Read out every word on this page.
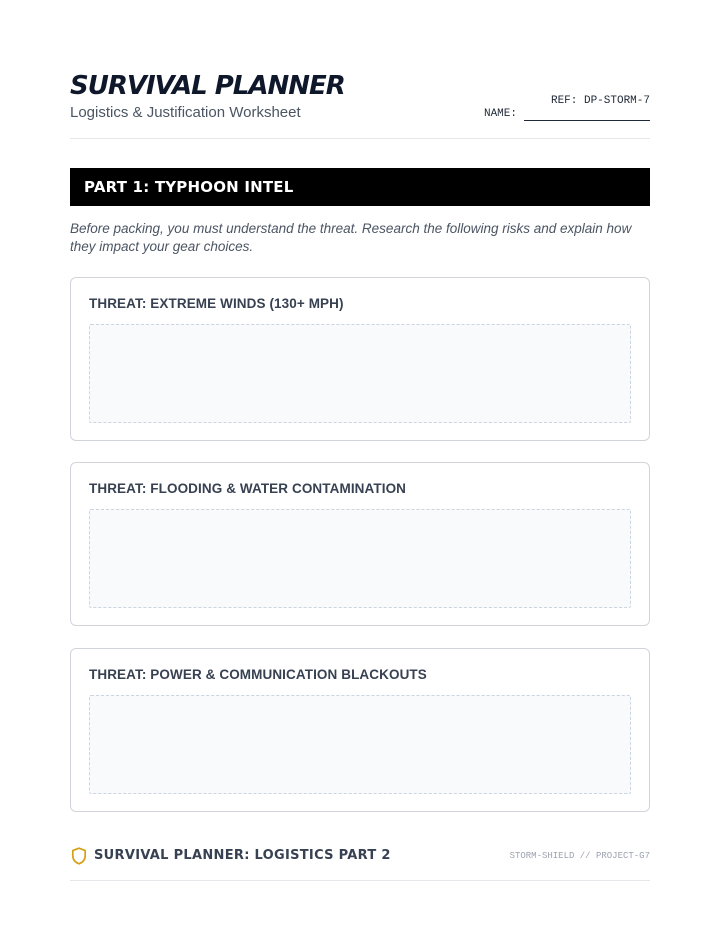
SURVIVAL PLANNER
Logistics & Justification Worksheet
REF: DP-STORM-7
NAME:
PART 1: TYPHOON INTEL
Before packing, you must understand the threat. Research the following risks and explain how they impact your gear choices.
THREAT: EXTREME WINDS (130+ MPH)
THREAT: FLOODING & WATER CONTAMINATION
THREAT: POWER & COMMUNICATION BLACKOUTS
SURVIVAL PLANNER: LOGISTICS PART 2	STORM-SHIELD // PROJECT-G7
